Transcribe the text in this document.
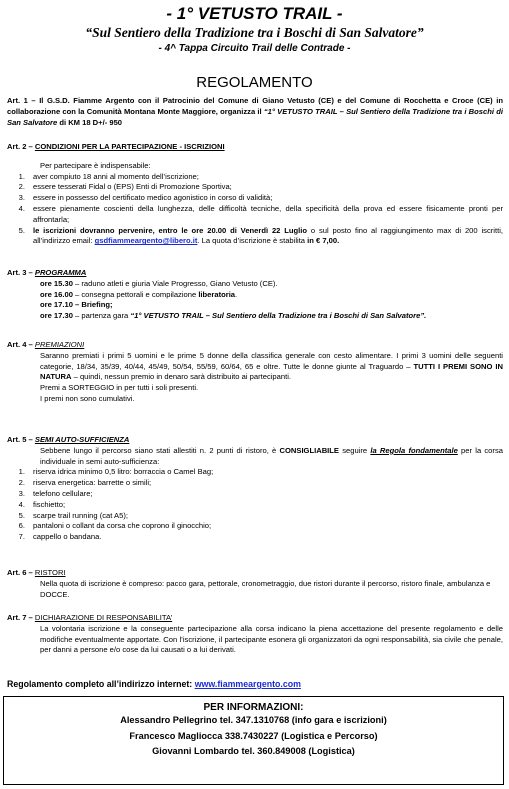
- 1° VETUSTO TRAIL -
“Sul Sentiero della Tradizione tra i Boschi di San Salvatore”
- 4^ Tappa Circuito Trail delle Contrade -
REGOLAMENTO
Art. 1 – Il G.S.D. Fiamme Argento con il Patrocinio del Comune di Giano Vetusto (CE) e del Comune di Rocchetta e Croce (CE) in collaborazione con la Comunità Montana Monte Maggiore, organizza il “1° VETUSTO TRAIL – Sul Sentiero della Tradizione tra i Boschi di San Salvatore di KM 18 D+/- 950
Art. 2 – CONDIZIONI PER LA PARTECIPAZIONE - ISCRIZIONI
Per partecipare è indispensabile:
1. aver compiuto 18 anni al momento dell’iscrizione;
2. essere tesserati Fidal o (EPS) Enti di Promozione Sportiva;
3. essere in possesso del certificato medico agonistico in corso di validità;
4. essere pienamente coscienti della lunghezza, delle difficoltà tecniche, della specificità della prova ed essere fisicamente pronti per affrontarla;
5. le iscrizioni dovranno pervenire, entro le ore 20.00 di Venerdì 22 Luglio o sul posto fino al raggiungimento max di 200 iscritti, all’indirizzo email: gsdfiammeargento@libero.it. La quota d’iscrizione è stabilita in € 7,00.
Art. 3 – PROGRAMMA
ore 15.30 – raduno atleti e giuria Viale Progresso, Giano Vetusto (CE).
ore 16.00 – consegna pettorali e compilazione liberatoria.
ore 17.10 – Briefing;
ore 17.30 – partenza gara “1° VETUSTO TRAIL – Sul Sentiero della Tradizione tra i Boschi di San Salvatore”.
Art. 4 – PREMIAZIONI
Saranno premiati i primi 5 uomini e le prime 5 donne della classifica generale con cesto alimentare. I primi 3 uomini delle seguenti categorie, 18/34, 35/39, 40/44, 45/49, 50/54, 55/59, 60/64, 65 e oltre. Tutte le donne giunte al Traguardo – TUTTI I PREMI SONO IN NATURA – quindi, nessun premio in denaro sarà distribuito ai partecipanti.
Premi a SORTEGGIO in per tutti i soli presenti.
I premi non sono cumulativi.
Art. 5 – SEMI AUTO-SUFFICIENZA
Sebbene lungo il percorso siano stati allestiti n. 2 punti di ristoro, è CONSIGLIABILE seguire la Regola fondamentale per la corsa individuale in semi auto-sufficienza:
1. riserva idrica minimo 0,5 litro: borraccia o Camel Bag;
2. riserva energetica: barrette o simili;
3. telefono cellulare;
4. fischietto;
5. scarpe trail running (cat A5);
6. pantaloni o collant da corsa che coprono il ginocchio;
7. cappello o bandana.
Art. 6 – RISTORI
Nella quota di iscrizione è compreso: pacco gara, pettorale, cronometraggio, due ristori durante il percorso, ristoro finale, ambulanza e DOCCE.
Art. 7 – DICHIARAZIONE DI RESPONSABILITA’
La volontaria iscrizione e la conseguente partecipazione alla corsa indicano la piena accettazione del presente regolamento e delle modifiche eventualmente apportate. Con l’iscrizione, il partecipante esonera gli organizzatori da ogni responsabilità, sia civile che penale, per danni a persone e/o cose da lui causati o a lui derivati.
Regolamento completo all’indirizzo internet: www.fiammeargento.com
PER INFORMAZIONI:
Alessandro Pellegrino tel. 347.1310768 (info gara e iscrizioni)
Francesco Magliocca 338.7430227 (Logistica e Percorso)
Giovanni Lombardo tel. 360.849008 (Logistica)
